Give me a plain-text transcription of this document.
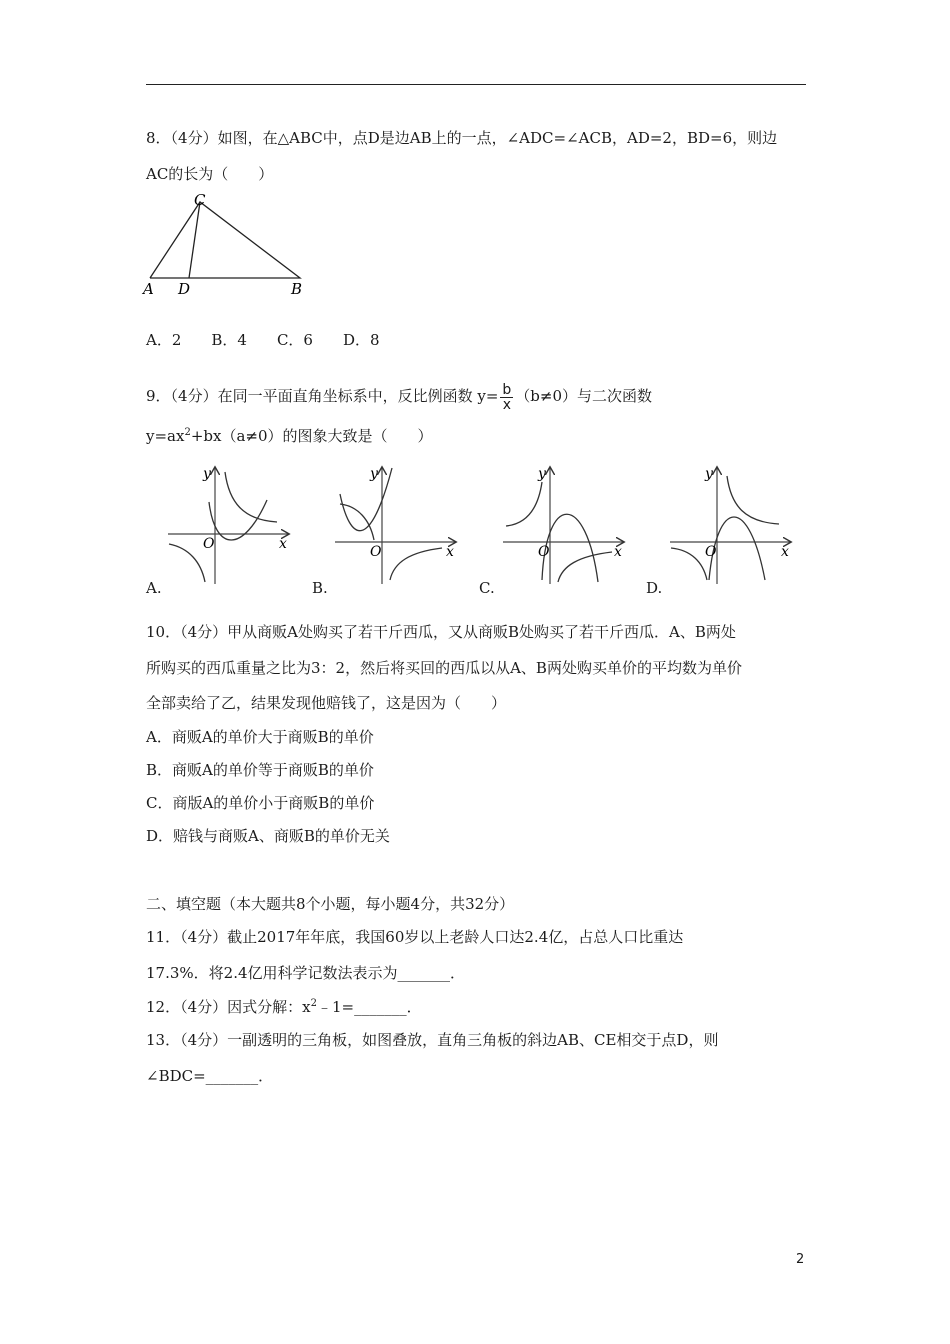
8．（4分）如图，在△ABC中，点D是边AB上的一点，∠ADC=∠ACB，AD=2，BD=6，则边
AC的长为（　　）
C
A D	B
A．2　　B．4　　C．6　　D．8
9．（4分）在同一平面直角坐标系中，反比例函数 $y= \frac{b}{x} (b\ne 0)$与二次函数
$y=ax^2+bx(a\ne 0)$的图象大致是（　　）
y
x
O
A.
y
x
O
B.
y
x
O
C.
y
x
O
D.
10．（4分）甲从商贩A处购买了若干斤西瓜，又从商贩B处购买了若干斤西瓜．A、B两处
所购买的西瓜重量之比为3：2，然后将买回的西瓜以从A、B两处购买单价的平均数为单价
全部卖给了乙，结果发现他赔钱了，这是因为（　　）
A．商贩A的单价大于商贩B的单价
B．商贩A的单价等于商贩B的单价
C．商版A的单价小于商贩B的单价
D．赔钱与商贩A、商贩B的单价无关
二、填空题（本大题共8个小题，每小题4分，共32分）
11．（4分）截止2017年年底，我国60岁以上老龄人口达2.4亿，占总人口比重达
17.3%．将2.4亿用科学记数法表示为_______．
12．（4分）因式分解：$x^2﹣1=\_\_\_\_\_\_\_$．
13．（4分）一副透明的三角板，如图叠放，直角三角板的斜边AB、CE相交于点D，则
∠BDC=_______．
2
